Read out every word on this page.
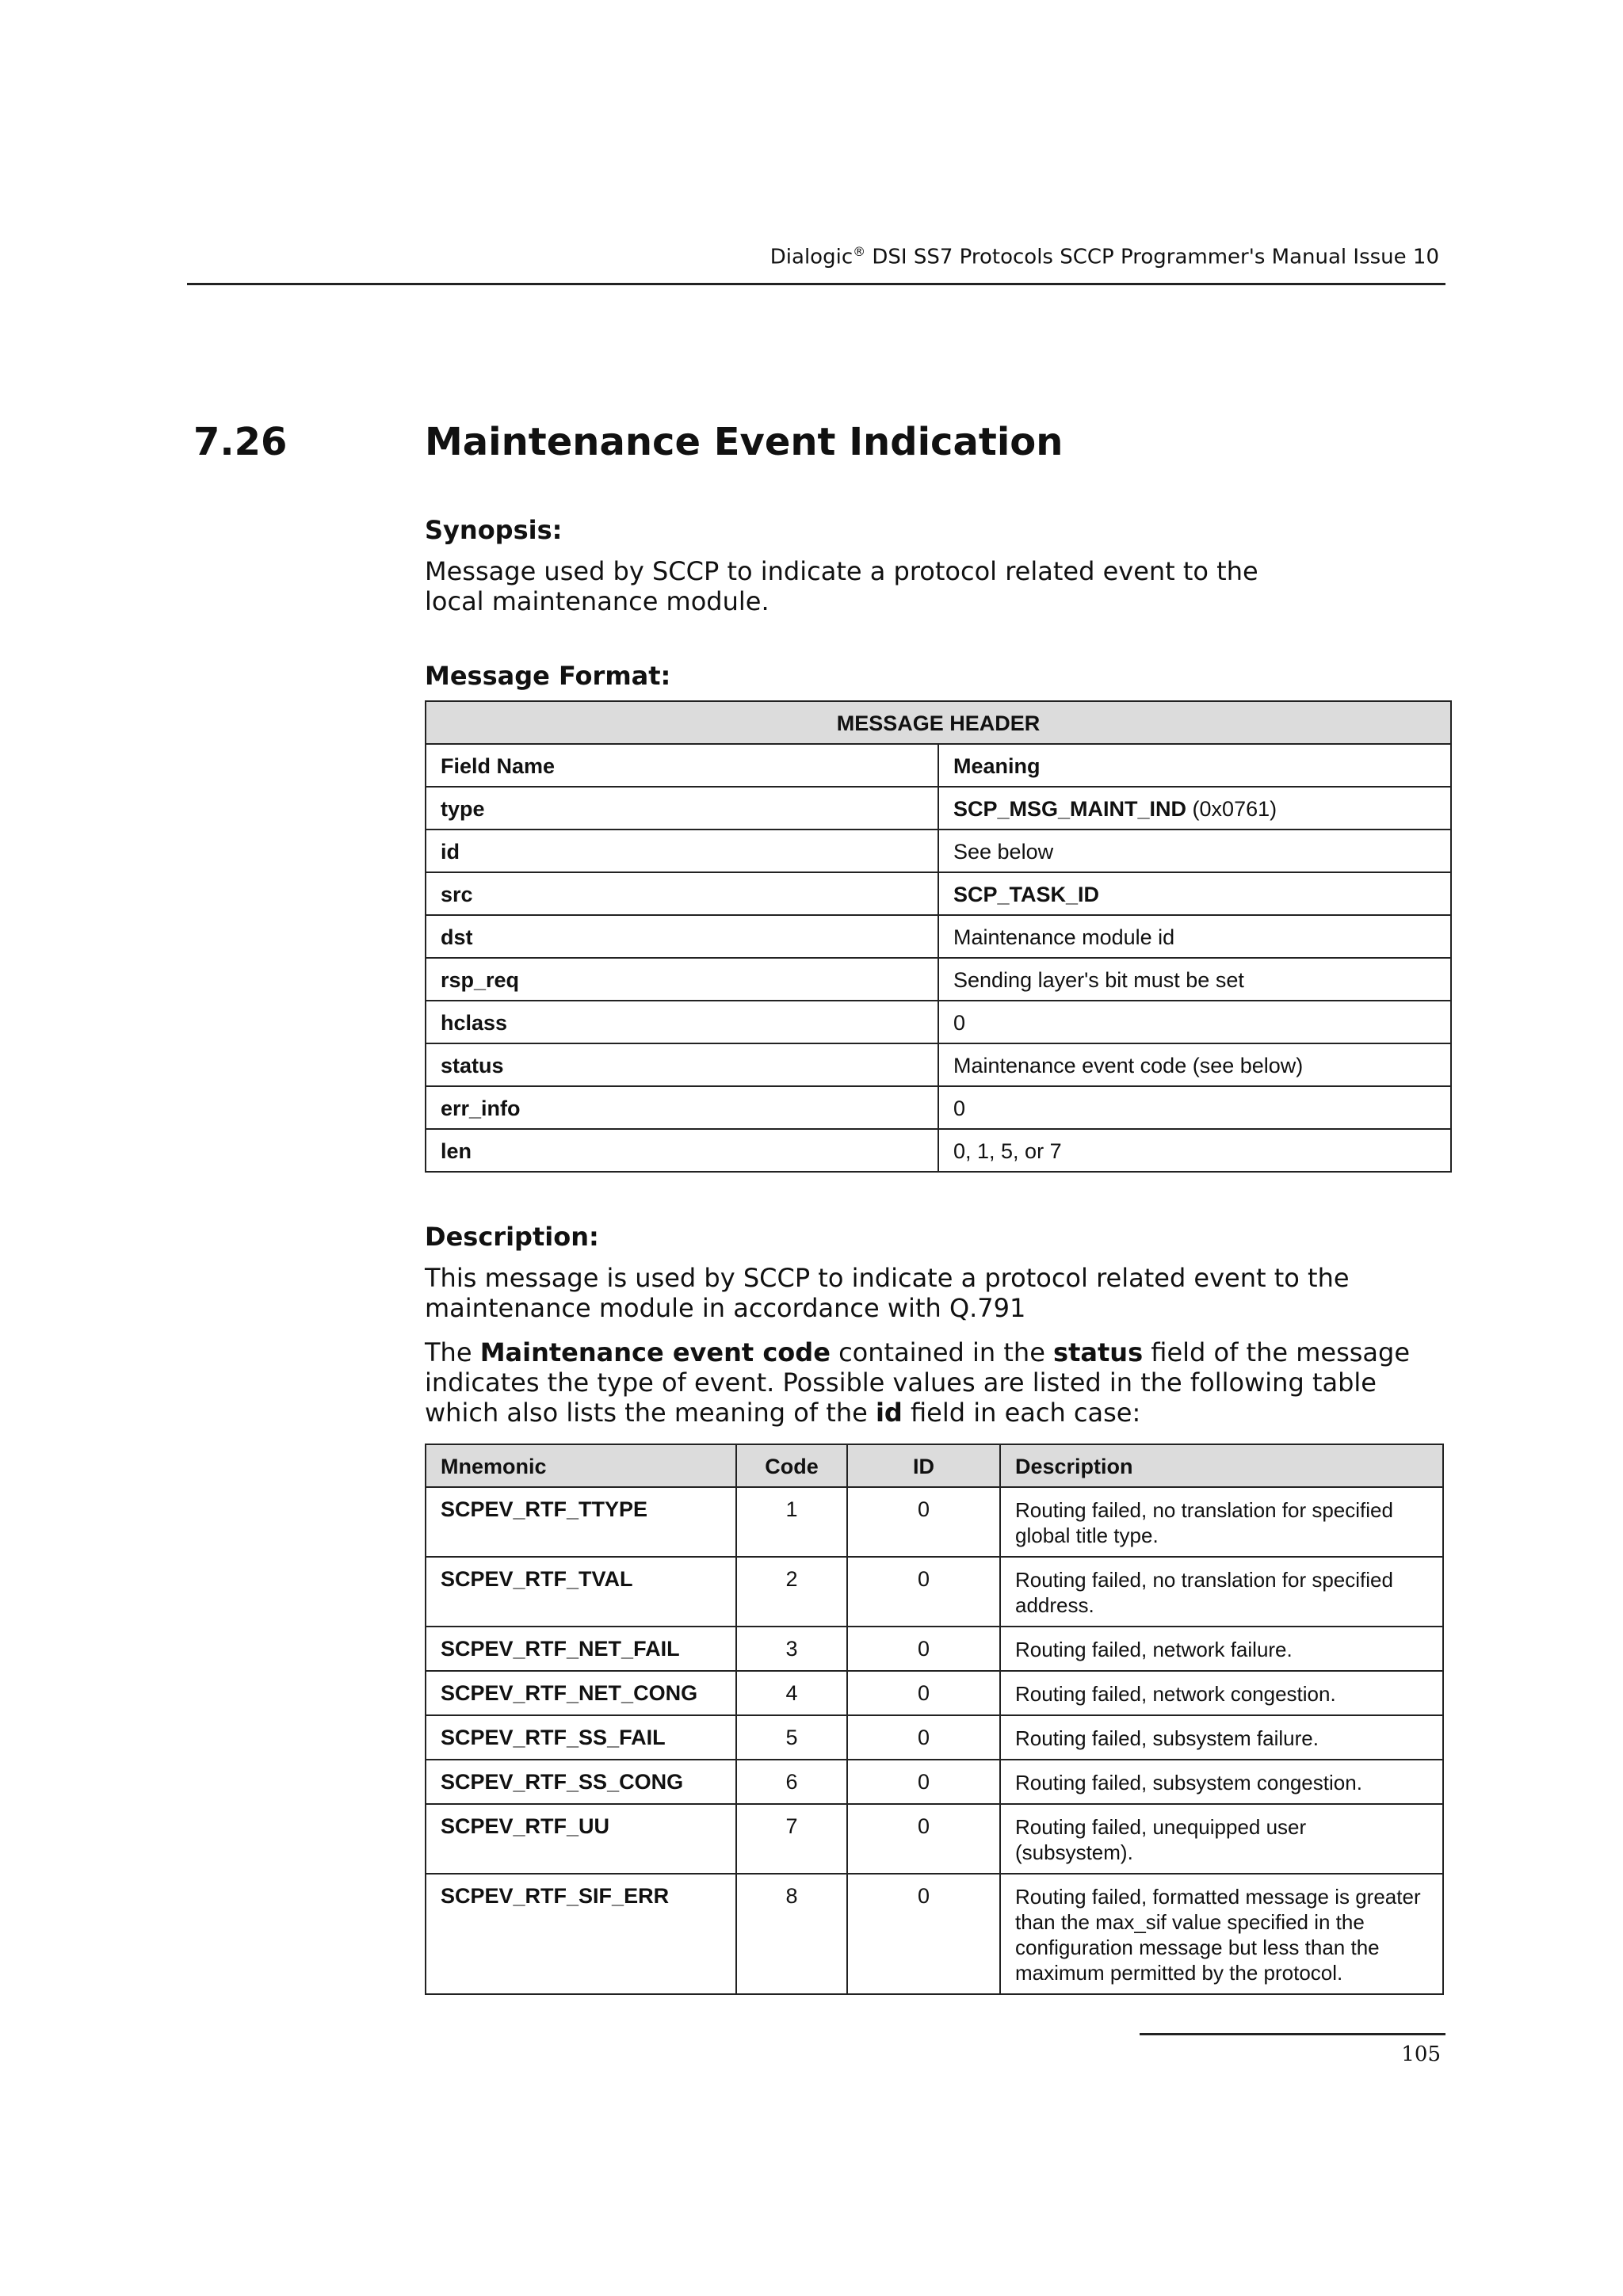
Dialogic® DSI SS7 Protocols SCCP Programmer's Manual Issue 10
7.26	Maintenance Event Indication
Synopsis:

Message used by SCCP to indicate a protocol related event to the local maintenance module.

Message Format:
MESSAGE HEADER	
Field Name	Meaning
type	SCP_MSG_MAINT_IND (0x0761)
id	See below
src	SCP_TASK_ID
dst	Maintenance module id
rsp_req	Sending layer's bit must be set
hclass	0
status	Maintenance event code (see below)
err_info	0
len	0, 1, 5, or 7
Description:

This message is used by SCCP to indicate a protocol related event to the maintenance module in accordance with Q.791

The Maintenance event code contained in the status field of the message indicates the type of event. Possible values are listed in the following table which also lists the meaning of the id field in each case:

Mnemonic	Code	ID	Description
SCPEV_RTF_TTYPE	1	0	Routing failed, no translation for specified global title type.
SCPEV_RTF_TVAL	2	0	Routing failed, no translation for specified address.
SCPEV_RTF_NET_FAIL	3	0	Routing failed, network failure.
SCPEV_RTF_NET_CONG	4	0	Routing failed, network congestion.
SCPEV_RTF_SS_FAIL	5	0	Routing failed, subsystem failure.
SCPEV_RTF_SS_CONG	6	0	Routing failed, subsystem congestion.
SCPEV_RTF_UU	7	0	Routing failed, unequipped user (subsystem).
SCPEV_RTF_SIF_ERR	8	0	Routing failed, formatted message is greater than the max_sif value specified in the configuration message but less than the maximum permitted by the protocol.
105
